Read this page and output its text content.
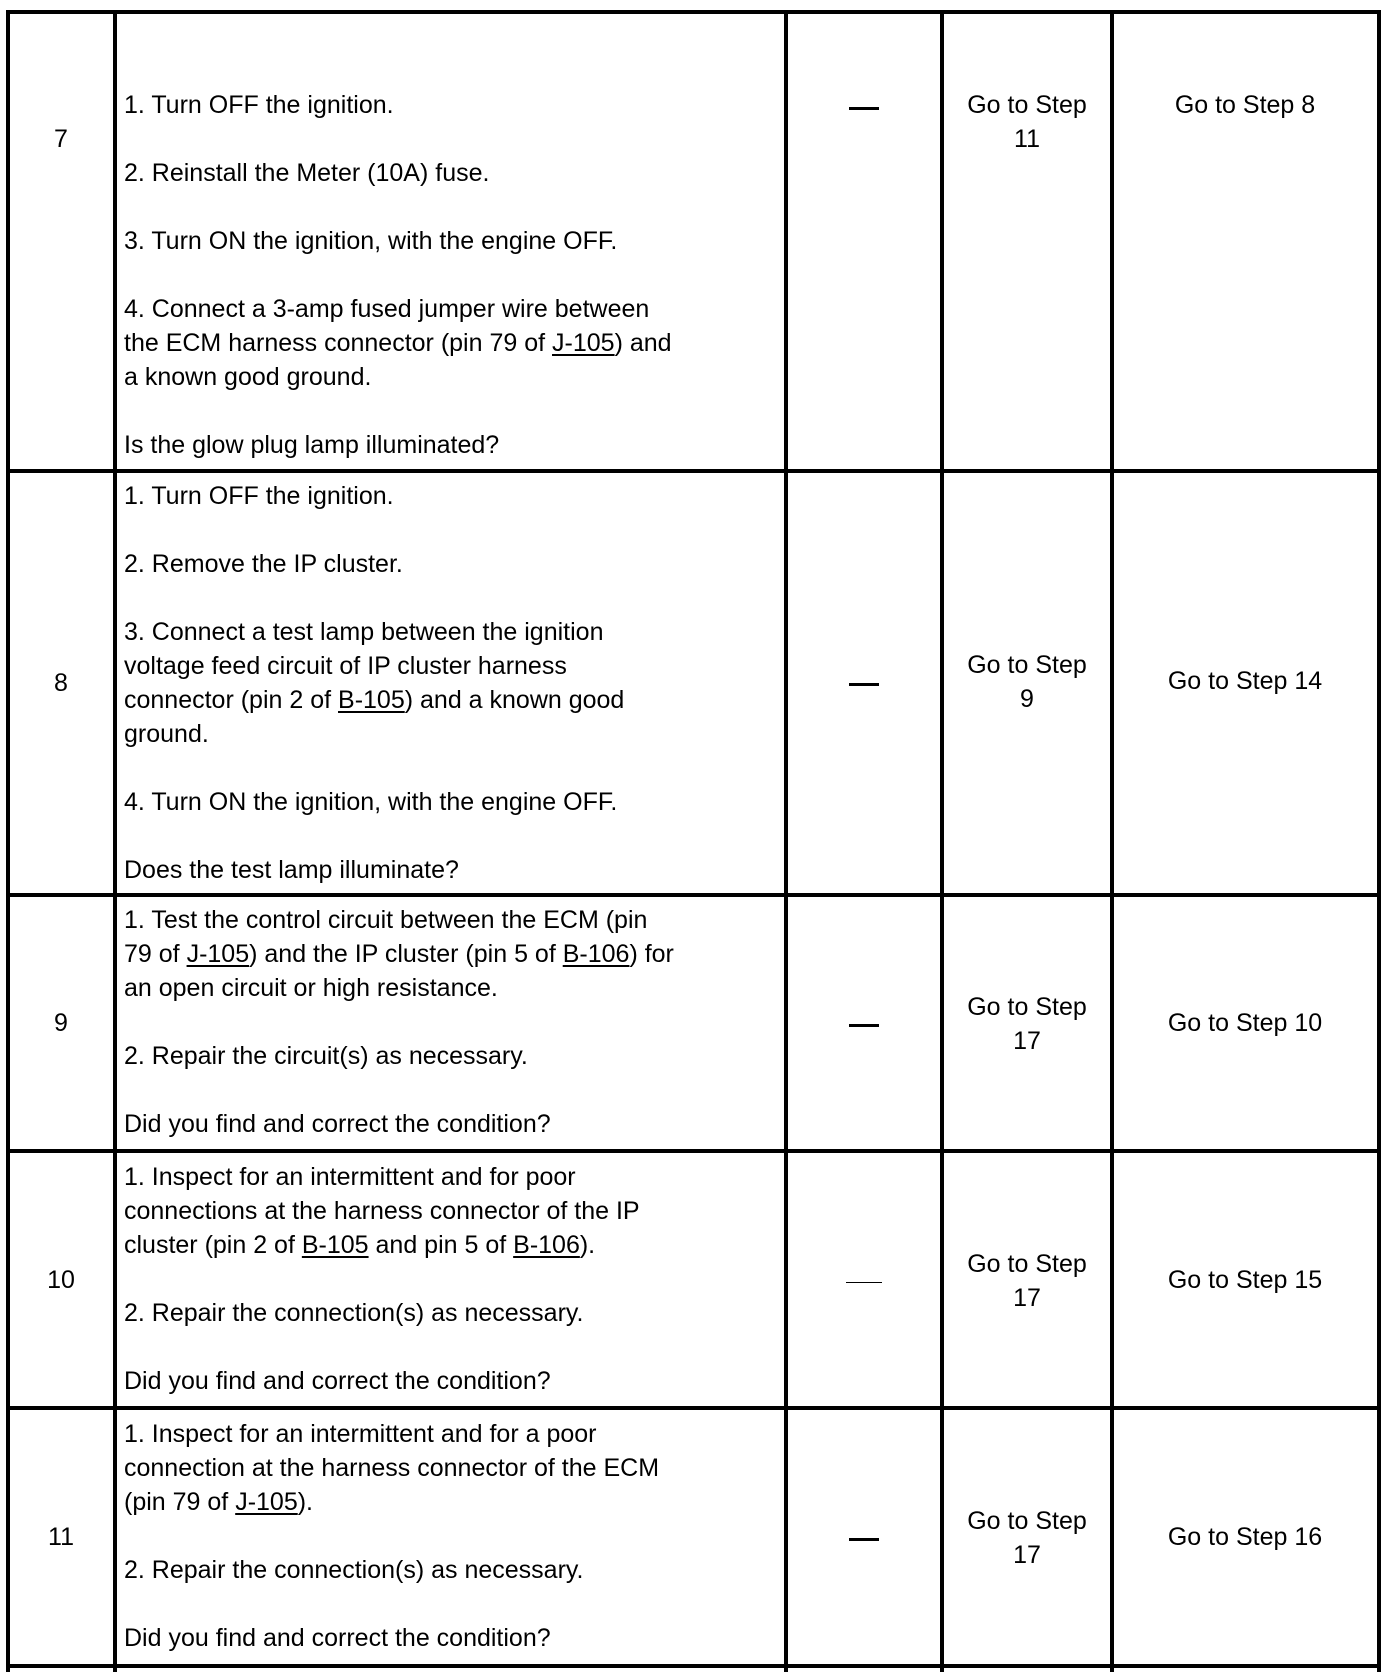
7
1. Turn OFF the ignition.
2. Reinstall the Meter (10A) fuse.
3. Turn ON the ignition, with the engine OFF.
4. Connect a 3-amp fused jumper wire between
the ECM harness connector (pin 79 of J-105) and
a known good ground.
Is the glow plug lamp illuminated?
Go to Step
11
Go to Step 8
8
1. Turn OFF the ignition.
2. Remove the IP cluster.
3. Connect a test lamp between the ignition
voltage feed circuit of IP cluster harness
connector (pin 2 of B-105) and a known good
ground.
4. Turn ON the ignition, with the engine OFF.
Does the test lamp illuminate?
Go to Step
9
Go to Step 14
9
1. Test the control circuit between the ECM (pin
79 of J-105) and the IP cluster (pin 5 of B-106) for
an open circuit or high resistance.
2. Repair the circuit(s) as necessary.
Did you find and correct the condition?
Go to Step
17
Go to Step 10
10
1. Inspect for an intermittent and for poor
connections at the harness connector of the IP
cluster (pin 2 of B-105 and pin 5 of B-106).
2. Repair the connection(s) as necessary.
Did you find and correct the condition?
Go to Step
17
Go to Step 15
11
1. Inspect for an intermittent and for a poor
connection at the harness connector of the ECM
(pin 79 of J-105).
2. Repair the connection(s) as necessary.
Did you find and correct the condition?
Go to Step
17
Go to Step 16
